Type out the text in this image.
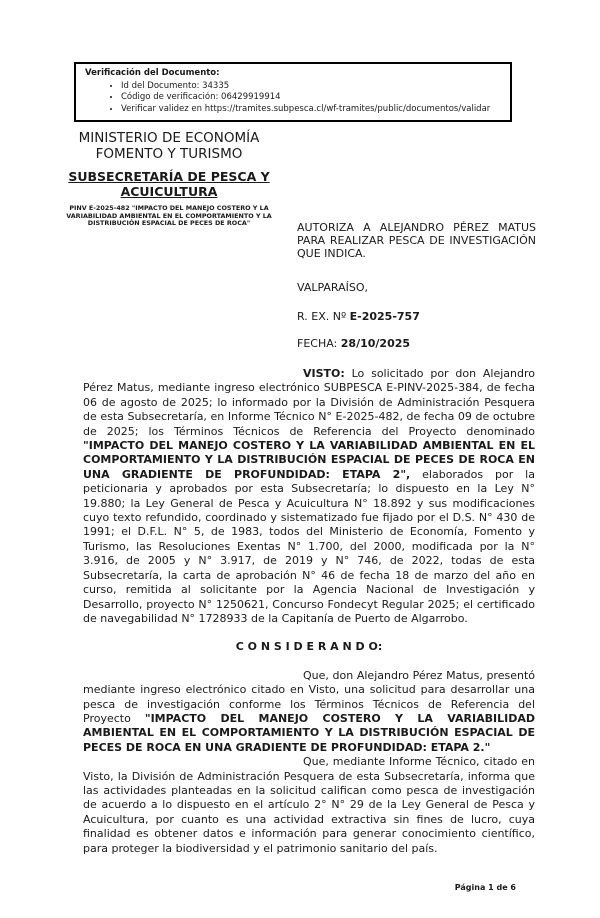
Verificación del Documento:
• Id del Documento: 34335
• Código de verificación: 06429919914
• Verificar validez en https://tramites.subpesca.cl/wf-tramites/public/documentos/validar
MINISTERIO DE ECONOMÍA
FOMENTO Y TURISMO
SUBSECRETARÍA DE PESCA Y ACUICULTURA
PINV E-2025-482 "IMPACTO DEL MANEJO COSTERO Y LA VARIABILIDAD AMBIENTAL EN EL COMPORTAMIENTO Y LA DISTRIBUCIÓN ESPACIAL DE PECES DE ROCA"	AUTORIZA A ALEJANDRO PÉREZ MATUS PARA REALIZAR PESCA DE INVESTIGACIÓN QUE INDICA.
VALPARAÍSO,
R. EX. Nº E-2025-757
FECHA: 28/10/2025

VISTO: Lo solicitado por don Alejandro Pérez Matus, mediante ingreso electrónico SUBPESCA E-PINV-2025-384, de fecha 06 de agosto de 2025; lo informado por la División de Administración Pesquera de esta Subsecretaría, en Informe Técnico N° E-2025-482, de fecha 09 de octubre de 2025; los Términos Técnicos de Referencia del Proyecto denominado "IMPACTO DEL MANEJO COSTERO Y LA VARIABILIDAD AMBIENTAL EN EL COMPORTAMIENTO Y LA DISTRIBUCIÓN ESPACIAL DE PECES DE ROCA EN UNA GRADIENTE DE PROFUNDIDAD: ETAPA 2", elaborados por la peticionaria y aprobados por esta Subsecretaría; lo dispuesto en la Ley N° 19.880; la Ley General de Pesca y Acuicultura N° 18.892 y sus modificaciones cuyo texto refundido, coordinado y sistematizado fue fijado por el D.S. N° 430 de 1991; el D.F.L. N° 5, de 1983, todos del Ministerio de Economía, Fomento y Turismo, las Resoluciones Exentas N° 1.700, del 2000, modificada por la N° 3.916, de 2005 y N° 3.917, de 2019 y N° 746, de 2022, todas de esta Subsecretaría, la carta de aprobación N° 46 de fecha 18 de marzo del año en curso, remitida al solicitante por la Agencia Nacional de Investigación y Desarrollo, proyecto N° 1250621, Concurso Fondecyt Regular 2025; el certificado de navegabilidad N° 1728933 de la Capitanía de Puerto de Algarrobo.

C O N S I D E R A N D O:

Que, don Alejandro Pérez Matus, presentó mediante ingreso electrónico citado en Visto, una solicitud para desarrollar una pesca de investigación conforme los Términos Técnicos de Referencia del Proyecto "IMPACTO DEL MANEJO COSTERO Y LA VARIABILIDAD AMBIENTAL EN EL COMPORTAMIENTO Y LA DISTRIBUCIÓN ESPACIAL DE PECES DE ROCA EN UNA GRADIENTE DE PROFUNDIDAD: ETAPA 2."

Que, mediante Informe Técnico, citado en Visto, la División de Administración Pesquera de esta Subsecretaría, informa que las actividades planteadas en la solicitud califican como pesca de investigación de acuerdo a lo dispuesto en el artículo 2° N° 29 de la Ley General de Pesca y Acuicultura, por cuanto es una actividad extractiva sin fines de lucro, cuya finalidad es obtener datos e información para generar conocimiento científico, para proteger la biodiversidad y el patrimonio sanitario del país.

Página 1 de 6
